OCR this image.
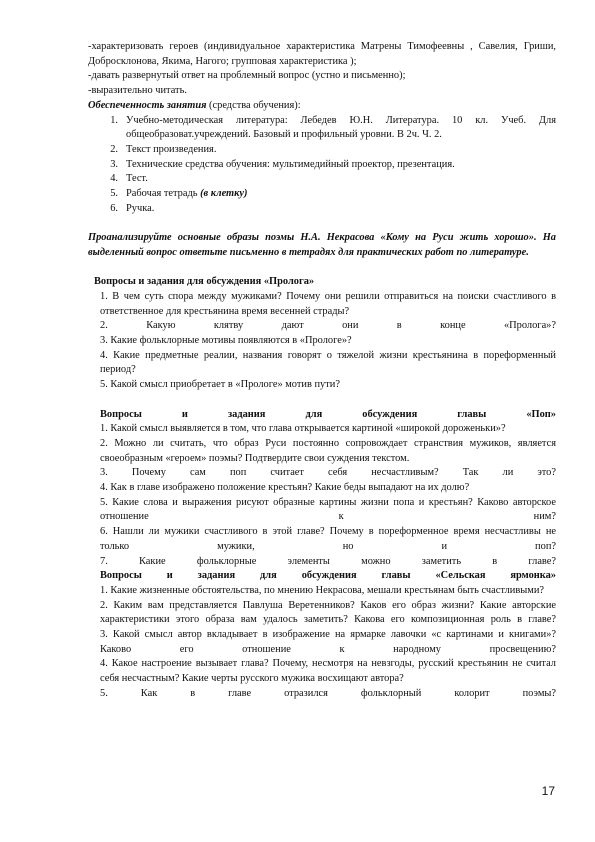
-характеризовать героев (индивидуальное характеристика Матрены Тимофеевны , Савелия, Гриши, Добросклонова, Якима, Нагого; групповая характеристика );

-давать развернутый ответ на проблемный вопрос (устно и письменно);

-выразительно читать.

Обеспеченность занятия (средства обучения):

1. Учебно-методическая литература: Лебедев Ю.Н. Литература. 10 кл. Учеб. Для общеобразоват.учреждений. Базовый и профильный уровни. В 2ч. Ч. 2.
2. Текст произведения.
3. Технические средства обучения: мультимедийный проектор, презентация.
4. Тест.
5. Рабочая тетрадь (в клетку)
6. Ручка.

Проанализируйте основные образы поэмы Н.А. Некрасова «Кому на Руси жить хорошо». На выделенный вопрос ответьте письменно в тетрадях для практических работ по литературе.

Вопросы и задания для обсуждения «Пролога»

1. В чем суть спора между мужиками? Почему они решили отправиться на поиски счастливого в ответственное для крестьянина время весенней страды?

2. Какую клятву дают они в конце «Пролога»?

3. Какие фольклорные мотивы появляются в «Прологе»?

4. Какие предметные реалии, названия говорят о тяжелой жизни крестьянина в пореформенный период?

5. Какой смысл приобретает в «Прологе» мотив пути?

Вопросы и задания для обсуждения главы «Поп»

1. Какой смысл выявляется в том, что глава открывается картиной «широкой дороженьки»?

2. Можно ли считать, что образ Руси постоянно сопровождает странствия мужиков, является своеобразным «героем» поэмы? Подтвердите свои суждения текстом.

3. Почему сам поп считает себя несчастливым? Так ли это?

4. Как в главе изображено положение крестьян? Какие беды выпадают на их долю?

5. Какие слова и выражения рисуют образные картины жизни попа и крестьян? Каково авторское отношение к ним?

6. Нашли ли мужики счастливого в этой главе? Почему в пореформенное время несчастливы не только мужики, но и поп?

7. Какие фольклорные элементы можно заметить в главе?

Вопросы и задания для обсуждения главы «Сельская ярмонка»

1. Какие жизненные обстоятельства, по мнению Некрасова, мешали крестьянам быть счастливыми?

2. Каким вам представляется Павлуша Веретенников? Каков его образ жизни? Какие авторские характеристики этого образа вам удалось заметить? Какова его композиционная роль в главе?

3. Какой смысл автор вкладывает в изображение на ярмарке лавочки «с картинами и книгами»? Каково его отношение к народному просвещению?

4. Какое настроение вызывает глава? Почему, несмотря на невзгоды, русский крестьянин не считал себя несчастным? Какие черты русского мужика восхищают автора?

5. Как в главе отразился фольклорный колорит поэмы?

17
